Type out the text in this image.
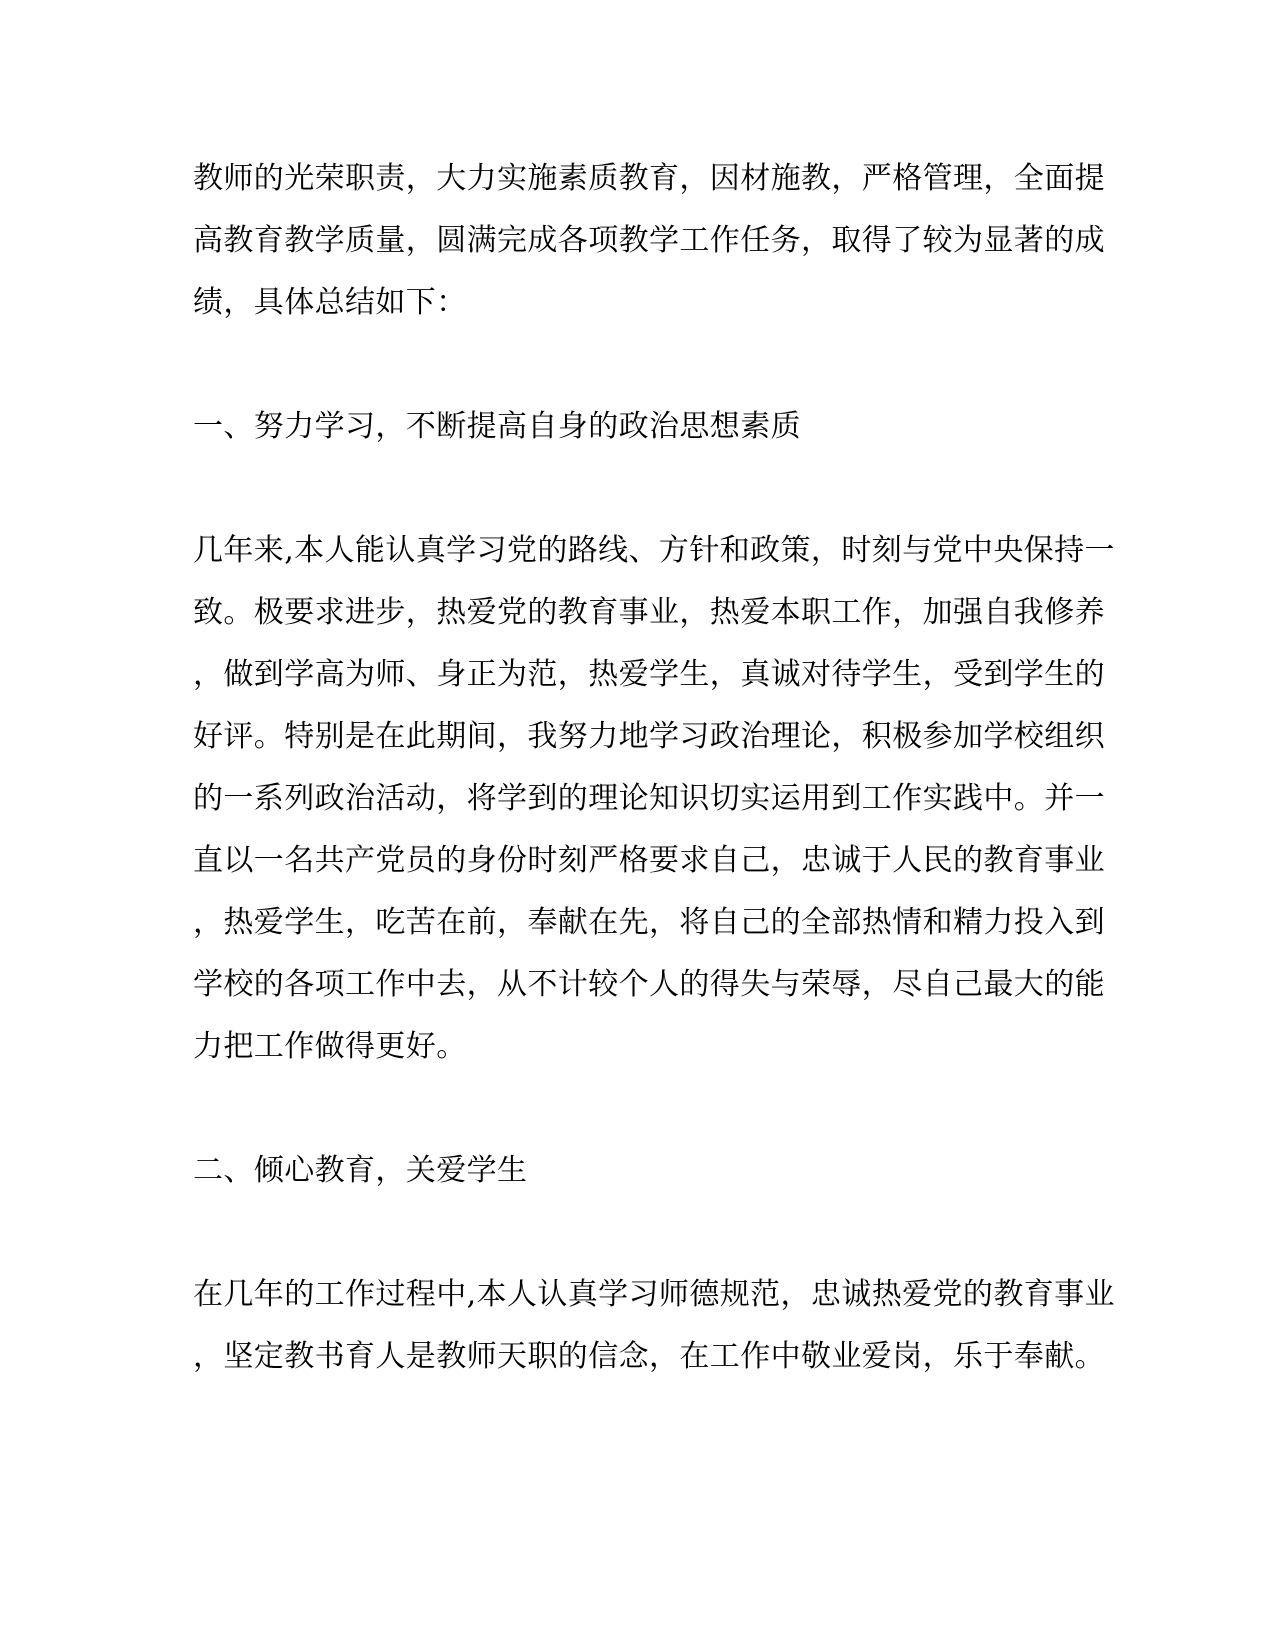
教师的光荣职责，大力实施素质教育，因材施教，严格管理，全面提

高教育教学质量，圆满完成各项教学工作任务，取得了较为显著的成

绩，具体总结如下：

一、努力学习，不断提高自身的政治思想素质

几年来,本人能认真学习党的路线、方针和政策，时刻与党中央保持一

致。极要求进步，热爱党的教育事业，热爱本职工作，加强自我修养

，做到学高为师、身正为范，热爱学生，真诚对待学生，受到学生的

好评。特别是在此期间，我努力地学习政治理论，积极参加学校组织

的一系列政治活动，将学到的理论知识切实运用到工作实践中。并一

直以一名共产党员的身份时刻严格要求自己，忠诚于人民的教育事业

，热爱学生，吃苦在前，奉献在先，将自己的全部热情和精力投入到

学校的各项工作中去，从不计较个人的得失与荣辱，尽自己最大的能

力把工作做得更好。

二、倾心教育，关爱学生

在几年的工作过程中,本人认真学习师德规范，忠诚热爱党的教育事业

，坚定教书育人是教师天职的信念，在工作中敬业爱岗，乐于奉献。
